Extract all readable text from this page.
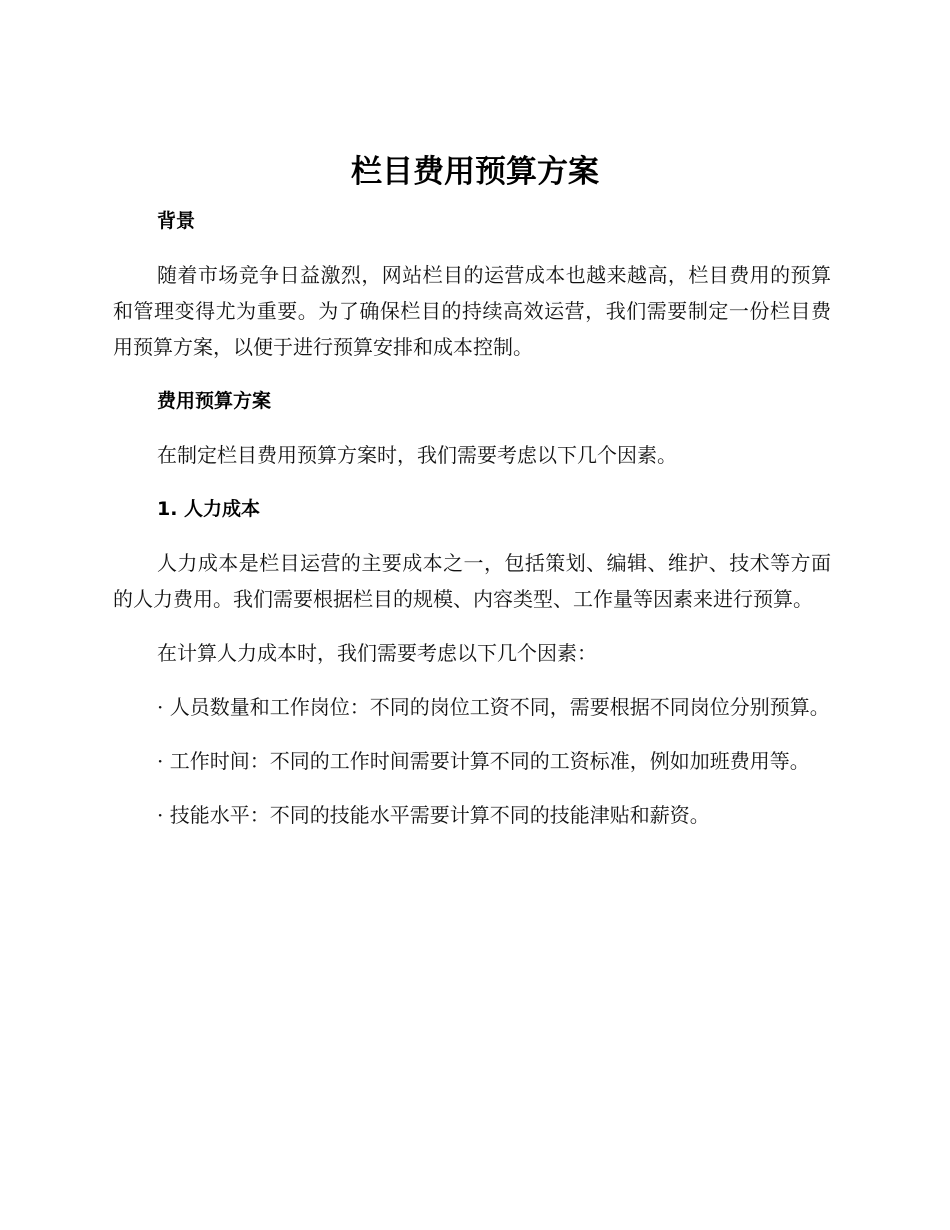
栏目费用预算方案

背景

随着市场竞争日益激烈，网站栏目的运营成本也越来越高，栏目费用的预算和管理变得尤为重要。为了确保栏目的持续高效运营，我们需要制定一份栏目费用预算方案，以便于进行预算安排和成本控制。

费用预算方案

在制定栏目费用预算方案时，我们需要考虑以下几个因素。

1. 人力成本

人力成本是栏目运营的主要成本之一，包括策划、编辑、维护、技术等方面的人力费用。我们需要根据栏目的规模、内容类型、工作量等因素来进行预算。

在计算人力成本时，我们需要考虑以下几个因素：

· 人员数量和工作岗位：不同的岗位工资不同，需要根据不同岗位分别预算。

· 工作时间：不同的工作时间需要计算不同的工资标准，例如加班费用等。

· 技能水平：不同的技能水平需要计算不同的技能津贴和薪资。
